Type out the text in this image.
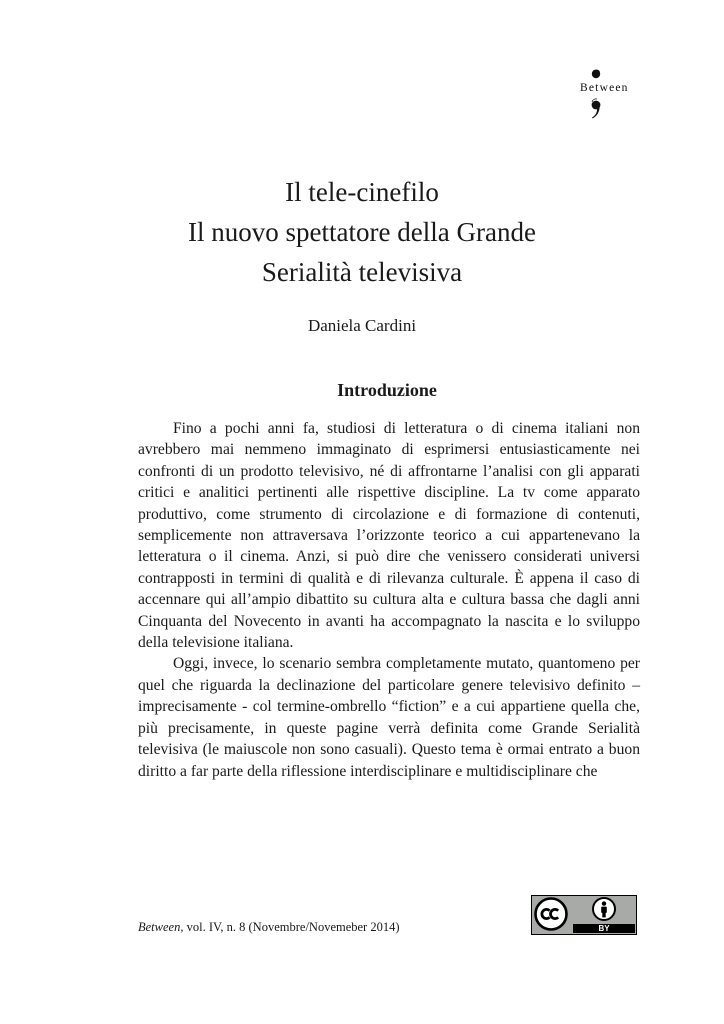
Between
Il tele-cinefilo
Il nuovo spettatore della Grande
Serialità televisiva
Daniela Cardini
Introduzione

Fino a pochi anni fa, studiosi di letteratura o di cinema italiani non avrebbero mai nemmeno immaginato di esprimersi entusiasticamente nei confronti di un prodotto televisivo, né di affrontarne l’analisi con gli apparati critici e analitici pertinenti alle rispettive discipline. La tv come apparato produttivo, come strumento di circolazione e di formazione di contenuti, semplicemente non attraversava l’orizzonte teorico a cui appartenevano la letteratura o il cinema. Anzi, si può dire che venissero considerati universi contrapposti in termini di qualità e di rilevanza culturale. È appena il caso di accennare qui all’ampio dibattito su cultura alta e cultura bassa che dagli anni Cinquanta del Novecento in avanti ha accompagnato la nascita e lo sviluppo della televisione italiana.

Oggi, invece, lo scenario sembra completamente mutato, quantomeno per quel che riguarda la declinazione del particolare genere televisivo definito – imprecisamente - col termine-ombrello “fiction” e a cui appartiene quella che, più precisamente, in queste pagine verrà definita come Grande Serialità televisiva (le maiuscole non sono casuali). Questo tema è ormai entrato a buon diritto a far parte della riflessione interdisciplinare e multidisciplinare che

Between, vol. IV, n. 8 (Novembre/Novemeber 2014)	BY
